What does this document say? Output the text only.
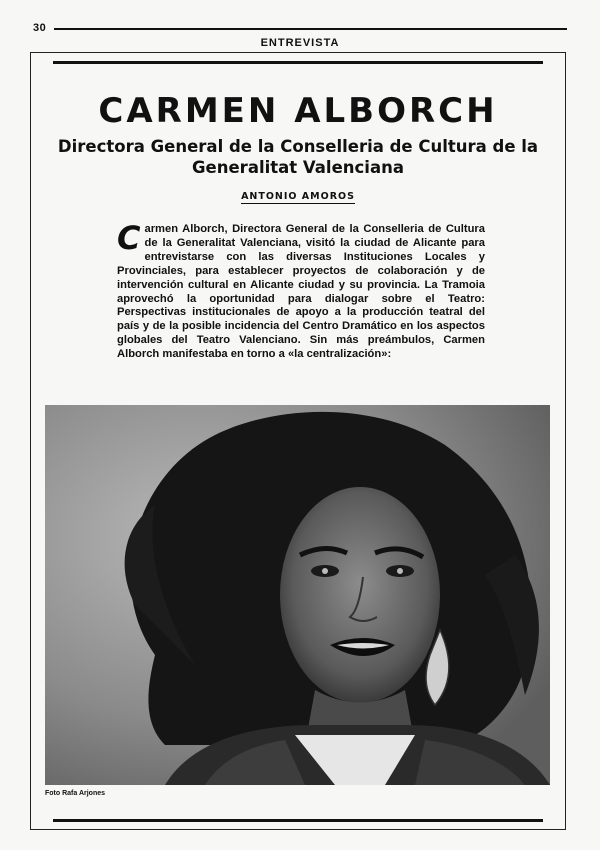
30
ENTREVISTA
CARMEN ALBORCH
Directora General de la Conselleria de Cultura de la
Generalitat Valenciana
ANTONIO AMOROS
Carmen Alborch, Directora General de la Conselleria de Cultura de la Generalitat Valenciana, visitó la ciudad de Alicante para entrevistarse con las diversas Instituciones Locales y Provinciales, para establecer proyectos de colaboración y de intervención cultural en Alicante ciudad y su provincia. La Tramoia aprovechó la oportunidad para dialogar sobre el Teatro: Perspectivas institucionales de apoyo a la producción teatral del país y de la posible incidencia del Centro Dramático en los aspectos globales del Teatro Valenciano. Sin más preámbulos, Carmen Alborch manifestaba en torno a «la centralización»:
Foto Rafa Arjones
